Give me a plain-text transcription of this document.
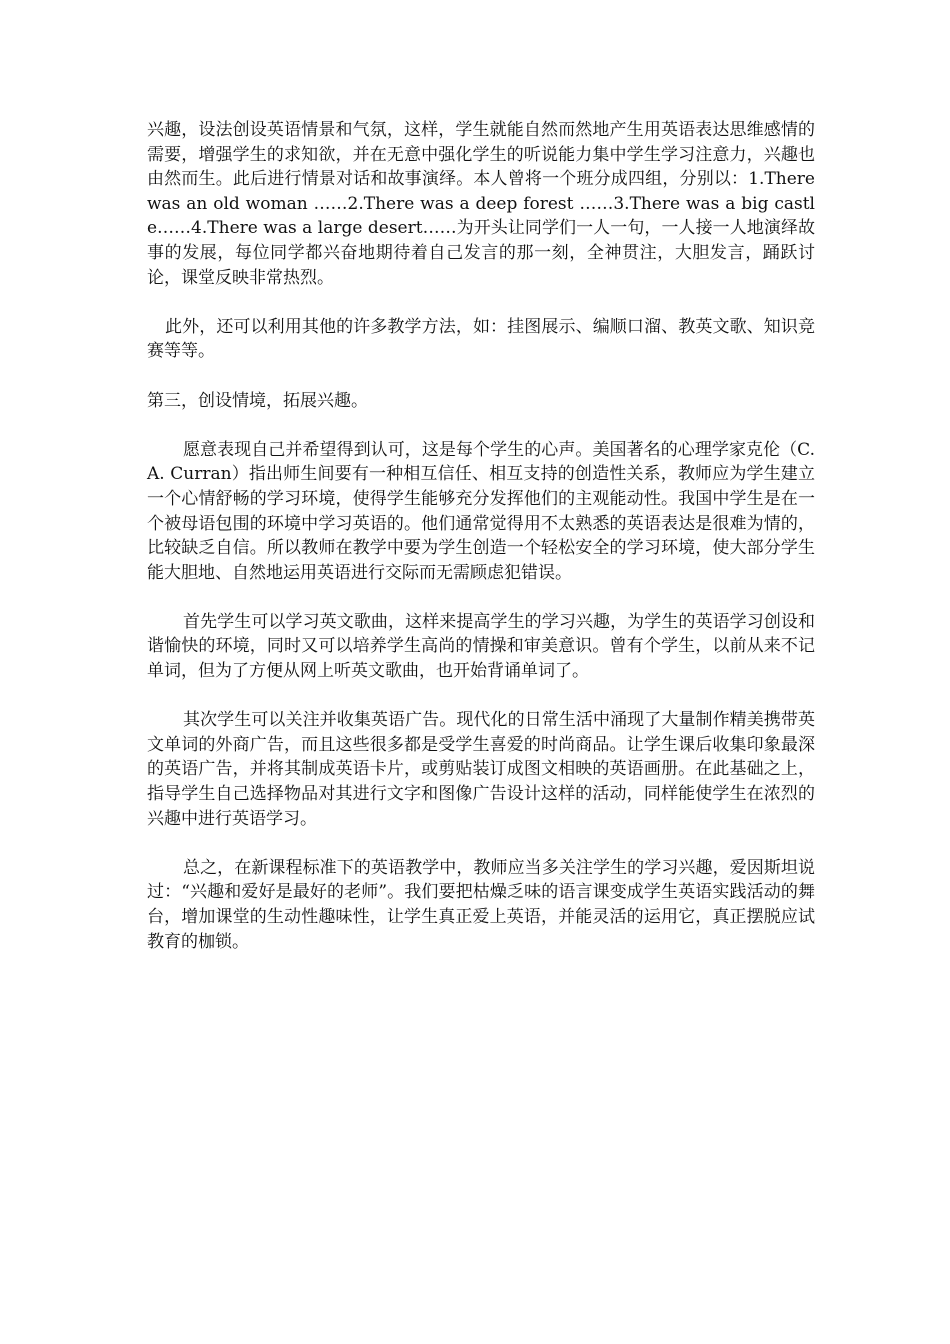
兴趣，设法创设英语情景和气氛，这样，学生就能自然而然地产生用英语表达思维感情的需要，增强学生的求知欲，并在无意中强化学生的听说能力集中学生学习注意力，兴趣也由然而生。此后进行情景对话和故事演绎。本人曾将一个班分成四组，分别以：1.There was an old woman ……2.There was a deep forest ……3.There was a big castle……4.There was a large desert……为开头让同学们一人一句，一人接一人地演绎故事的发展，每位同学都兴奋地期待着自己发言的那一刻，全神贯注，大胆发言，踊跃讨论，课堂反映非常热烈。

此外，还可以利用其他的许多教学方法，如：挂图展示、编顺口溜、教英文歌、知识竞赛等等。

第三，创设情境，拓展兴趣。

愿意表现自己并希望得到认可，这是每个学生的心声。美国著名的心理学家克伦（C.A. Curran）指出师生间要有一种相互信任、相互支持的创造性关系，教师应为学生建立一个心情舒畅的学习环境，使得学生能够充分发挥他们的主观能动性。我国中学生是在一个被母语包围的环境中学习英语的。他们通常觉得用不太熟悉的英语表达是很难为情的，比较缺乏自信。所以教师在教学中要为学生创造一个轻松安全的学习环境，使大部分学生能大胆地、自然地运用英语进行交际而无需顾虑犯错误。

首先学生可以学习英文歌曲，这样来提高学生的学习兴趣，为学生的英语学习创设和谐愉快的环境，同时又可以培养学生高尚的情操和审美意识。曾有个学生，以前从来不记单词，但为了方便从网上听英文歌曲，也开始背诵单词了。

其次学生可以关注并收集英语广告。现代化的日常生活中涌现了大量制作精美携带英文单词的外商广告，而且这些很多都是受学生喜爱的时尚商品。让学生课后收集印象最深的英语广告，并将其制成英语卡片，或剪贴装订成图文相映的英语画册。在此基础之上，指导学生自己选择物品对其进行文字和图像广告设计这样的活动，同样能使学生在浓烈的兴趣中进行英语学习。

总之，在新课程标准下的英语教学中，教师应当多关注学生的学习兴趣，爱因斯坦说过：“兴趣和爱好是最好的老师”。我们要把枯燥乏味的语言课变成学生英语实践活动的舞台，增加课堂的生动性趣味性，让学生真正爱上英语，并能灵活的运用它，真正摆脱应试教育的枷锁。
